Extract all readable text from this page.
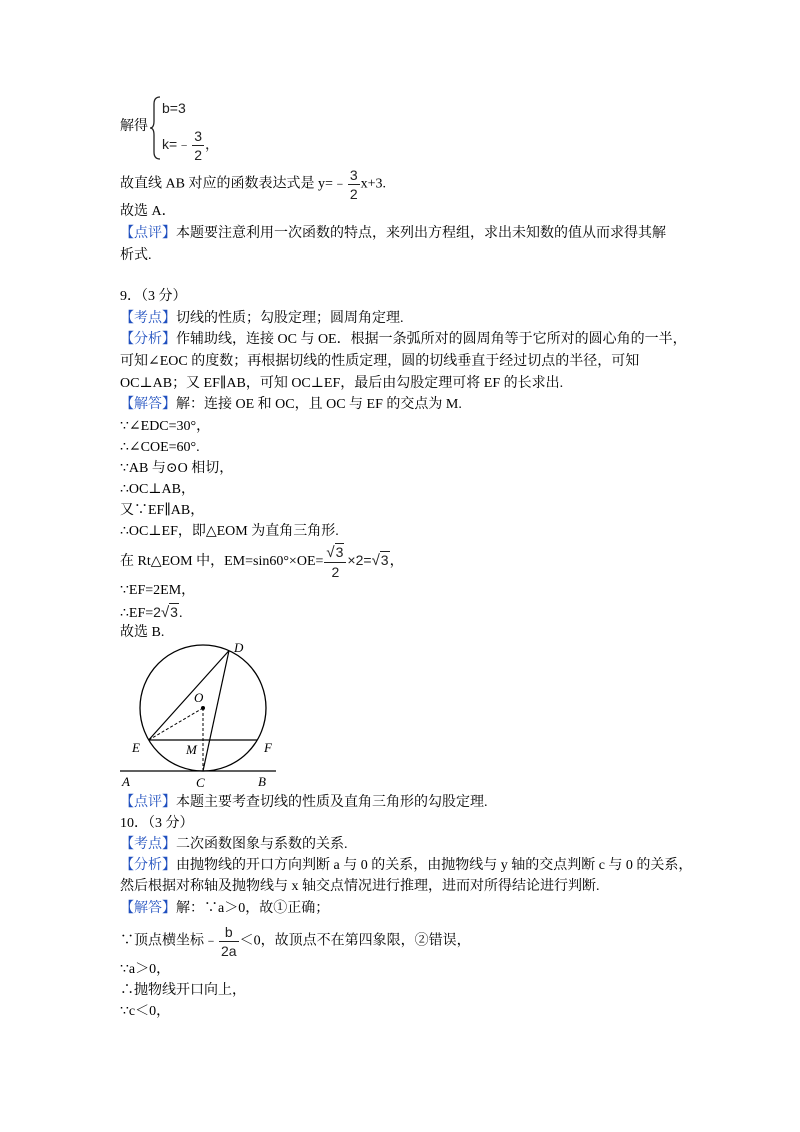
解得
b=3
k=﹣ $\frac{3}{2}$ ，
故直线 AB 对应的函数表达式是 y=﹣ $\frac{3}{2} x+3$.
故选 A．
【点评】本题要注意利用一次函数的特点，来列出方程组，求出未知数的值从而求得其解
析式.
9．（3 分）
【考点】切线的性质；勾股定理；圆周角定理.
【分析】作辅助线，连接 OC 与 OE．根据一条弧所对的圆周角等于它所对的圆心角的一半，
可知∠EOC 的度数；再根据切线的性质定理，圆的切线垂直于经过切点的半径，可知
OC⊥AB；又 EF∥AB，可知 OC⊥EF，最后由勾股定理可将 EF 的长求出.
【解答】解：连接 OE 和 OC，且 OC 与 EF 的交点为 M.
∵∠EDC=30°，
∴∠COE=60°.
∵AB 与⊙O 相切，
∴OC⊥AB，
又∵EF∥AB，
∴OC⊥EF，即△EOM 为直角三角形.
在 Rt△EOM 中，$EM=\sin 60^\circ\times OE= \frac{√3}{2} \times 2=√3$，
∵EF=2EM，
∴EF=2√3.
故选 B.
D
O
E	M	F
A	C	B
【点评】本题主要考查切线的性质及直角三角形的勾股定理.
10．（3 分）
【考点】二次函数图象与系数的关系.
【分析】由抛物线的开口方向判断 a 与 0 的关系，由抛物线与 y 轴的交点判断 c 与 0 的关系，
然后根据对称轴及抛物线与 x 轴交点情况进行推理，进而对所得结论进行判断.
【解答】解：∵a＞0，故①正确；
∵顶点横坐标﹣ $\frac{b}{2a} <0$，故顶点不在第四象限，②错误，
∵a＞0，
∴抛物线开口向上，
∵c＜0，
